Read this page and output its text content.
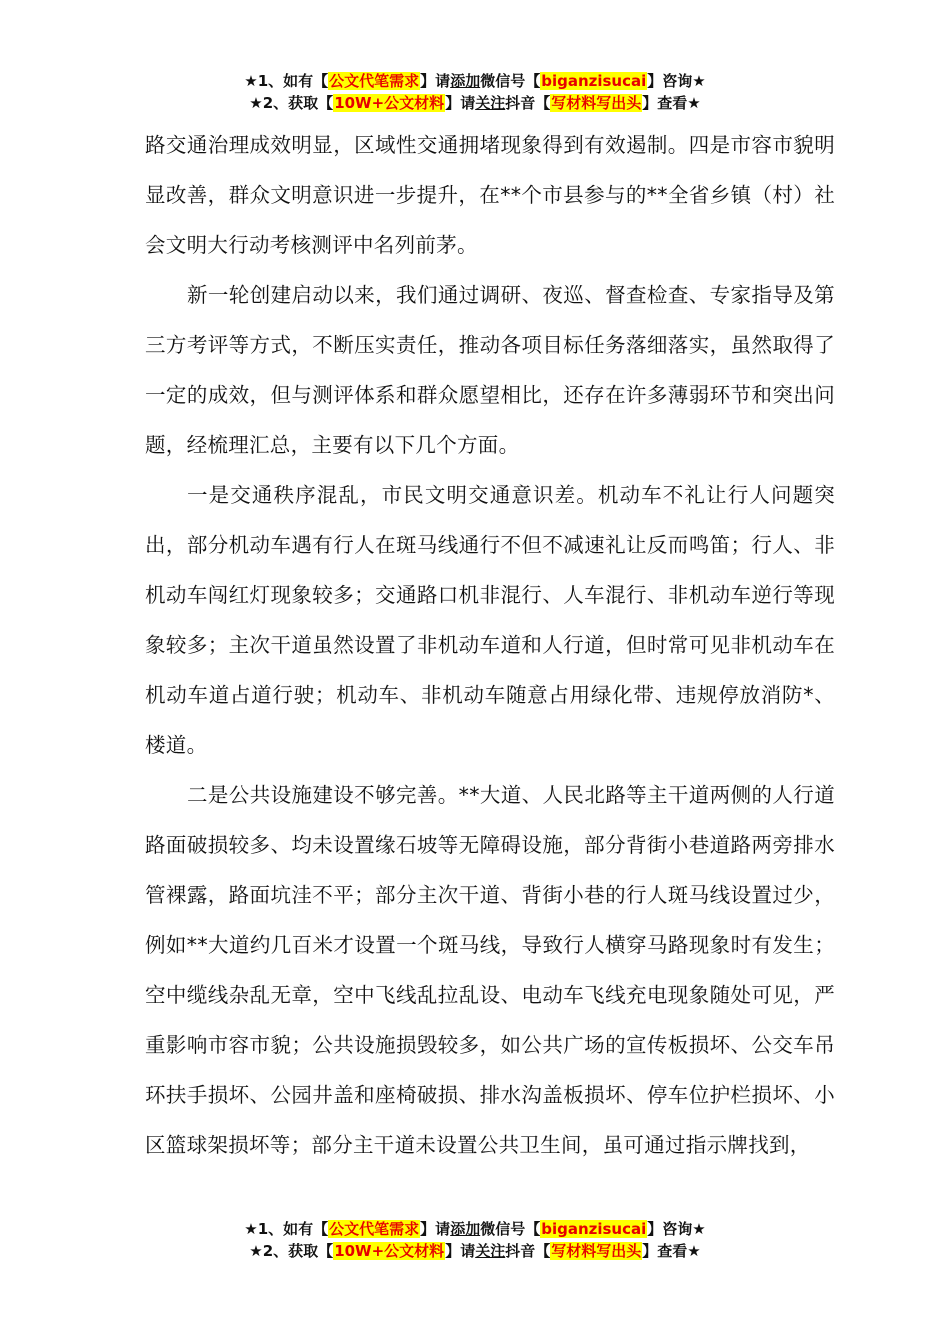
★1、如有【公文代笔需求】请添加微信号【biganzisucai】咨询★
★2、获取【10W+公文材料】请关注抖音【写材料写出头】查看★

路交通治理成效明显，区域性交通拥堵现象得到有效遏制。四是市容市貌明显改善，群众文明意识进一步提升，在**个市县参与的**全省乡镇（村）社会文明大行动考核测评中名列前茅。

新一轮创建启动以来，我们通过调研、夜巡、督查检查、专家指导及第三方考评等方式，不断压实责任，推动各项目标任务落细落实，虽然取得了一定的成效，但与测评体系和群众愿望相比，还存在许多薄弱环节和突出问题，经梳理汇总，主要有以下几个方面。

一是交通秩序混乱，市民文明交通意识差。机动车不礼让行人问题突出，部分机动车遇有行人在斑马线通行不但不减速礼让反而鸣笛；行人、非机动车闯红灯现象较多；交通路口机非混行、人车混行、非机动车逆行等现象较多；主次干道虽然设置了非机动车道和人行道，但时常可见非机动车在机动车道占道行驶；机动车、非机动车随意占用绿化带、违规停放消防*、楼道。

二是公共设施建设不够完善。**大道、人民北路等主干道两侧的人行道路面破损较多、均未设置缘石坡等无障碍设施，部分背街小巷道路两旁排水管裸露，路面坑洼不平；部分主次干道、背街小巷的行人斑马线设置过少，例如**大道约几百米才设置一个斑马线，导致行人横穿马路现象时有发生；空中缆线杂乱无章，空中飞线乱拉乱设、电动车飞线充电现象随处可见，严重影响市容市貌；公共设施损毁较多，如公共广场的宣传板损坏、公交车吊环扶手损坏、公园井盖和座椅破损、排水沟盖板损坏、停车位护栏损坏、小区篮球架损坏等；部分主干道未设置公共卫生间，虽可通过指示牌找到，

★1、如有【公文代笔需求】请添加微信号【biganzisucai】咨询★
★2、获取【10W+公文材料】请关注抖音【写材料写出头】查看★
